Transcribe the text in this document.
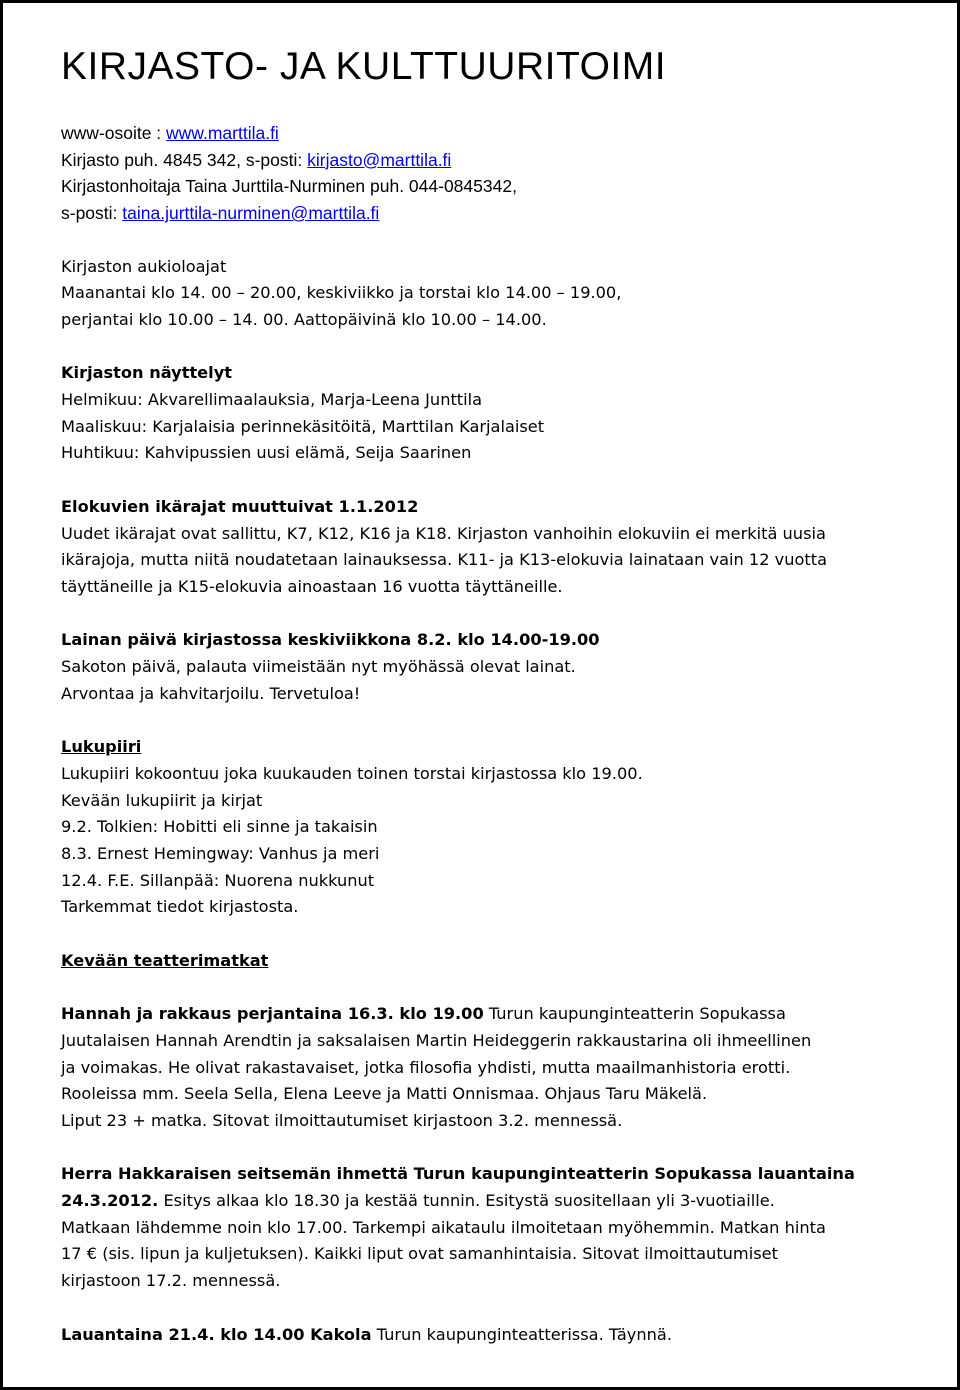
KIRJASTO- JA KULTTUURITOIMI
www-osoite : www.marttila.fi
Kirjasto puh. 4845 342, s-posti: kirjasto@marttila.fi
Kirjastonhoitaja Taina Jurttila-Nurminen puh. 044-0845342,
s-posti: taina.jurttila-nurminen@marttila.fi
Kirjaston aukioloajat
Maanantai klo 14. 00 – 20.00, keskiviikko ja torstai klo 14.00 – 19.00,
perjantai klo 10.00 – 14. 00. Aattopäivinä klo 10.00 – 14.00.
Kirjaston näyttelyt
Helmikuu: Akvarellimaalauksia, Marja-Leena Junttila
Maaliskuu: Karjalaisia perinnekäsitöitä, Marttilan Karjalaiset
Huhtikuu: Kahvipussien uusi elämä, Seija Saarinen
Elokuvien ikärajat muuttuivat 1.1.2012
Uudet ikärajat ovat sallittu, K7, K12, K16 ja K18. Kirjaston vanhoihin elokuviin ei merkitä uusia
ikärajoja, mutta niitä noudatetaan lainauksessa. K11- ja K13-elokuvia lainataan vain 12 vuotta
täyttäneille ja K15-elokuvia ainoastaan 16 vuotta täyttäneille.
Lainan päivä kirjastossa keskiviikkona 8.2. klo 14.00-19.00
Sakoton päivä, palauta viimeistään nyt myöhässä olevat lainat.
Arvontaa ja kahvitarjoilu. Tervetuloa!
Lukupiiri
Lukupiiri kokoontuu joka kuukauden toinen torstai kirjastossa klo 19.00.
Kevään lukupiirit ja kirjat
9.2. Tolkien: Hobitti eli sinne ja takaisin
8.3. Ernest Hemingway: Vanhus ja meri
12.4. F.E. Sillanpää: Nuorena nukkunut
Tarkemmat tiedot kirjastosta.
Kevään teatterimatkat
Hannah ja rakkaus perjantaina 16.3. klo 19.00 Turun kaupunginteatterin Sopukassa
Juutalaisen Hannah Arendtin ja saksalaisen Martin Heideggerin rakkaustarina oli ihmeellinen
ja voimakas. He olivat rakastavaiset, jotka filosofia yhdisti, mutta maailmanhistoria erotti.
Rooleissa mm. Seela Sella, Elena Leeve ja Matti Onnismaa. Ohjaus Taru Mäkelä.
Liput 23 + matka. Sitovat ilmoittautumiset kirjastoon 3.2. mennessä.
Herra Hakkaraisen seitsemän ihmettä Turun kaupunginteatterin Sopukassa lauantaina
24.3.2012. Esitys alkaa klo 18.30 ja kestää tunnin. Esitystä suositellaan yli 3-vuotiaille.
Matkaan lähdemme noin klo 17.00. Tarkempi aikataulu ilmoitetaan myöhemmin. Matkan hinta
17 € (sis. lipun ja kuljetuksen). Kaikki liput ovat samanhintaisia. Sitovat ilmoittautumiset
kirjastoon 17.2. mennessä.
Lauantaina 21.4. klo 14.00 Kakola Turun kaupunginteatterissa. Täynnä.
